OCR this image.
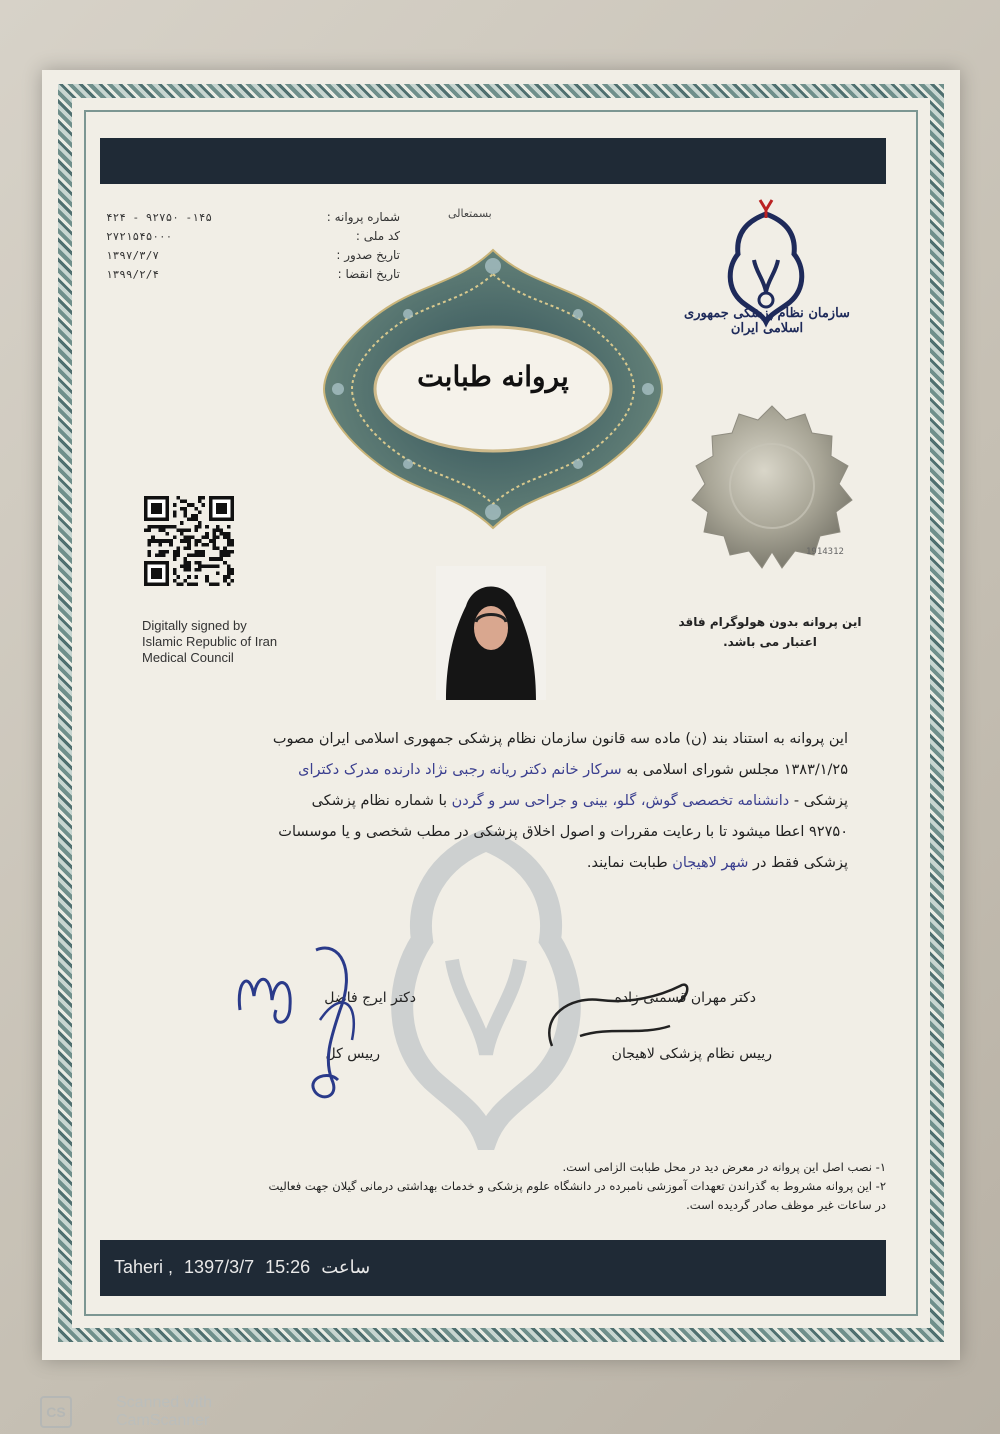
بسمتعالی
شماره پروانه :
کد ملی :
تاریخ صدور :
تاریخ انقضا :
۴۲۴ - ۹۲۷۵۰ -۱۴۵
۲۷۲۱۵۴۵۰۰۰
۱۳۹۷/۳/۷
۱۳۹۹/۲/۴
سازمان نظام پزشکی جمهوری اسلامی ایران
پروانه طبابت
1914312
این پروانه بدون هولوگرام فاقد
اعتبار می باشد.
Digitally signed by
Islamic Republic of Iran
Medical Council
این پروانه به استناد بند (ن) ماده سه قانون سازمان نظام پزشکی جمهوری اسلامی ایران مصوب
۱۳۸۳/۱/۲۵ مجلس شورای اسلامی به سرکار خانم دکتر ریانه رجبی نژاد دارنده مدرک دکترای
پزشکی - دانشنامه تخصصی گوش، گلو، بینی و جراحی سر و گردن با شماره نظام پزشکی
۹۲۷۵۰ اعطا میشود تا با رعایت مقررات و اصول اخلاق پزشکی در مطب شخصی و یا موسسات
پزشکی فقط در شهر لاهیجان طبابت نمایند.
دکتر مهران قسمتی زاده
رییس نظام پزشکی لاهیجان
دکتر ایرج فاضل
رییس کل
۱- نصب اصل این پروانه در معرض دید در محل طبابت الزامی است.
۲- این پروانه مشروط به گذراندن تعهدات آموزشی نامبرده در دانشگاه علوم پزشکی و خدمات بهداشتی درمانی گیلان جهت فعالیت
در ساعات غیر موظف صادر گردیده است.
Taheri , 1397/3/7 15:26 ساعت
CS
Scanned with
CamScanner
